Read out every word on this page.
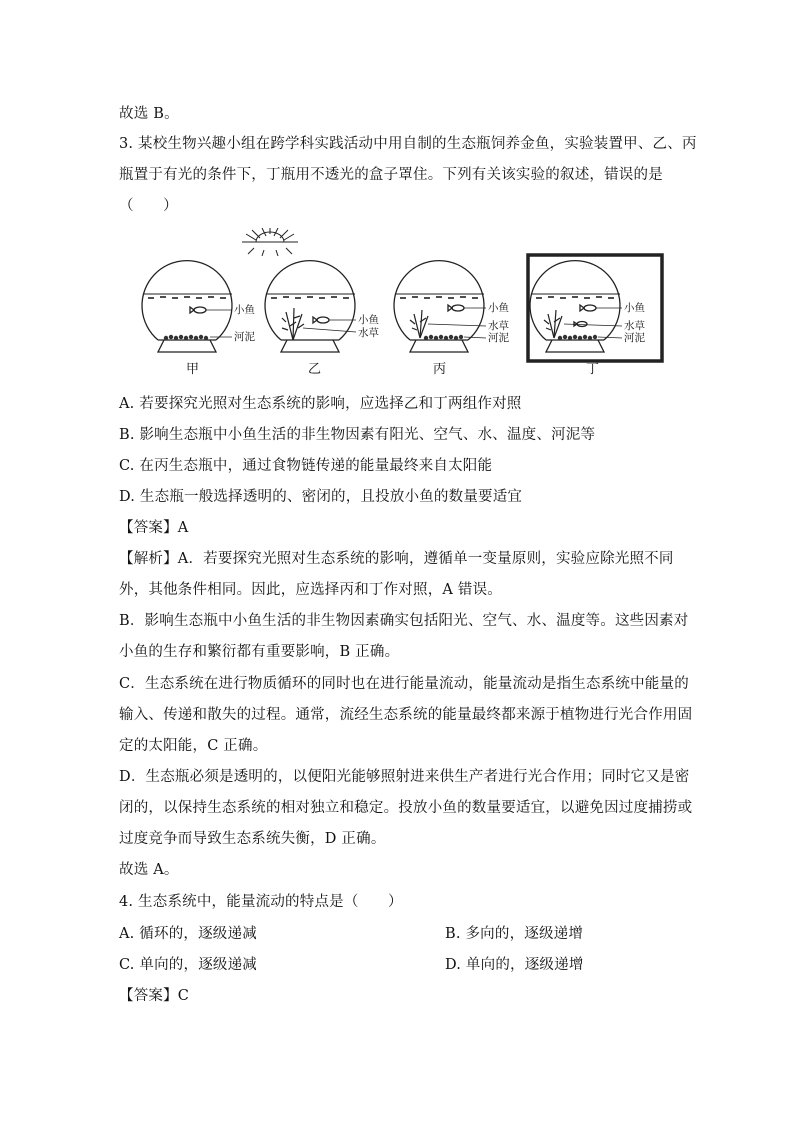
故选 B。

3. 某校生物兴趣小组在跨学科实践活动中用自制的生态瓶饲养金鱼，实验装置甲、乙、丙

瓶置于有光的条件下，丁瓶用不透光的盒子罩住。下列有关该实验的叙述，错误的是

（　　）

小鱼
河泥
小鱼
水草
小鱼
水草
河泥
小鱼
水草
河泥
甲	乙	丙	丁

A. 若要探究光照对生态系统的影响，应选择乙和丁两组作对照

B. 影响生态瓶中小鱼生活的非生物因素有阳光、空气、水、温度、河泥等

C. 在丙生态瓶中，通过食物链传递的能量最终来自太阳能

D. 生态瓶一般选择透明的、密闭的，且投放小鱼的数量要适宜

【答案】A

【解析】A．若要探究光照对生态系统的影响，遵循单一变量原则，实验应除光照不同

外，其他条件相同。因此，应选择丙和丁作对照，A 错误。

B．影响生态瓶中小鱼生活的非生物因素确实包括阳光、空气、水、温度等。这些因素对

小鱼的生存和繁衍都有重要影响，B 正确。

C．生态系统在进行物质循环的同时也在进行能量流动，能量流动是指生态系统中能量的

输入、传递和散失的过程。通常，流经生态系统的能量最终都来源于植物进行光合作用固

定的太阳能，C 正确。

D．生态瓶必须是透明的，以便阳光能够照射进来供生产者进行光合作用；同时它又是密

闭的，以保持生态系统的相对独立和稳定。投放小鱼的数量要适宜，以避免因过度捕捞或

过度竞争而导致生态系统失衡，D 正确。

故选 A。

4. 生态系统中，能量流动的特点是（　　）

A. 循环的，逐级递减	B. 多向的，逐级递增

C. 单向的，逐级递减	D. 单向的，逐级递增

【答案】C
